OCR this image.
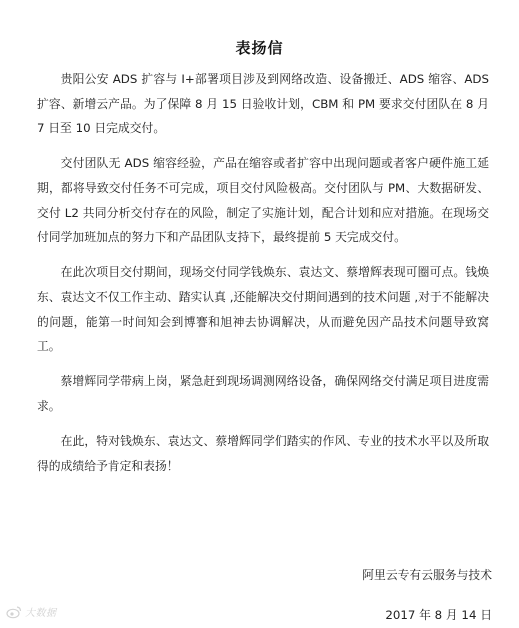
表扬信

贵阳公安 ADS 扩容与 I+部署项目涉及到网络改造、设备搬迁、ADS 缩容、ADS 扩容、新增云产品。为了保障 8 月 15 日验收计划，CBM 和 PM 要求交付团队在 8 月 7 日至 10 日完成交付。

交付团队无 ADS 缩容经验，产品在缩容或者扩容中出现问题或者客户硬件施工延期，都将导致交付任务不可完成，项目交付风险极高。交付团队与 PM、大数据研发、交付 L2 共同分析交付存在的风险，制定了实施计划，配合计划和应对措施。在现场交付同学加班加点的努力下和产品团队支持下，最终提前 5 天完成交付。

在此次项目交付期间，现场交付同学钱焕东、袁达文、蔡增辉表现可圈可点。钱焕东、袁达文不仅工作主动、踏实认真 ,还能解决交付期间遇到的技术问题 ,对于不能解决的问题，能第一时间知会到博謇和旭神去协调解决，从而避免因产品技术问题导致窝工。

蔡增辉同学带病上岗，紧急赶到现场调测网络设备，确保网络交付满足项目进度需求。

在此，特对钱焕东、袁达文、蔡增辉同学们踏实的作风、专业的技术水平以及所取得的成绩给予肯定和表扬！

阿里云专有云服务与技术
2017 年 8 月 14 日
大数据
